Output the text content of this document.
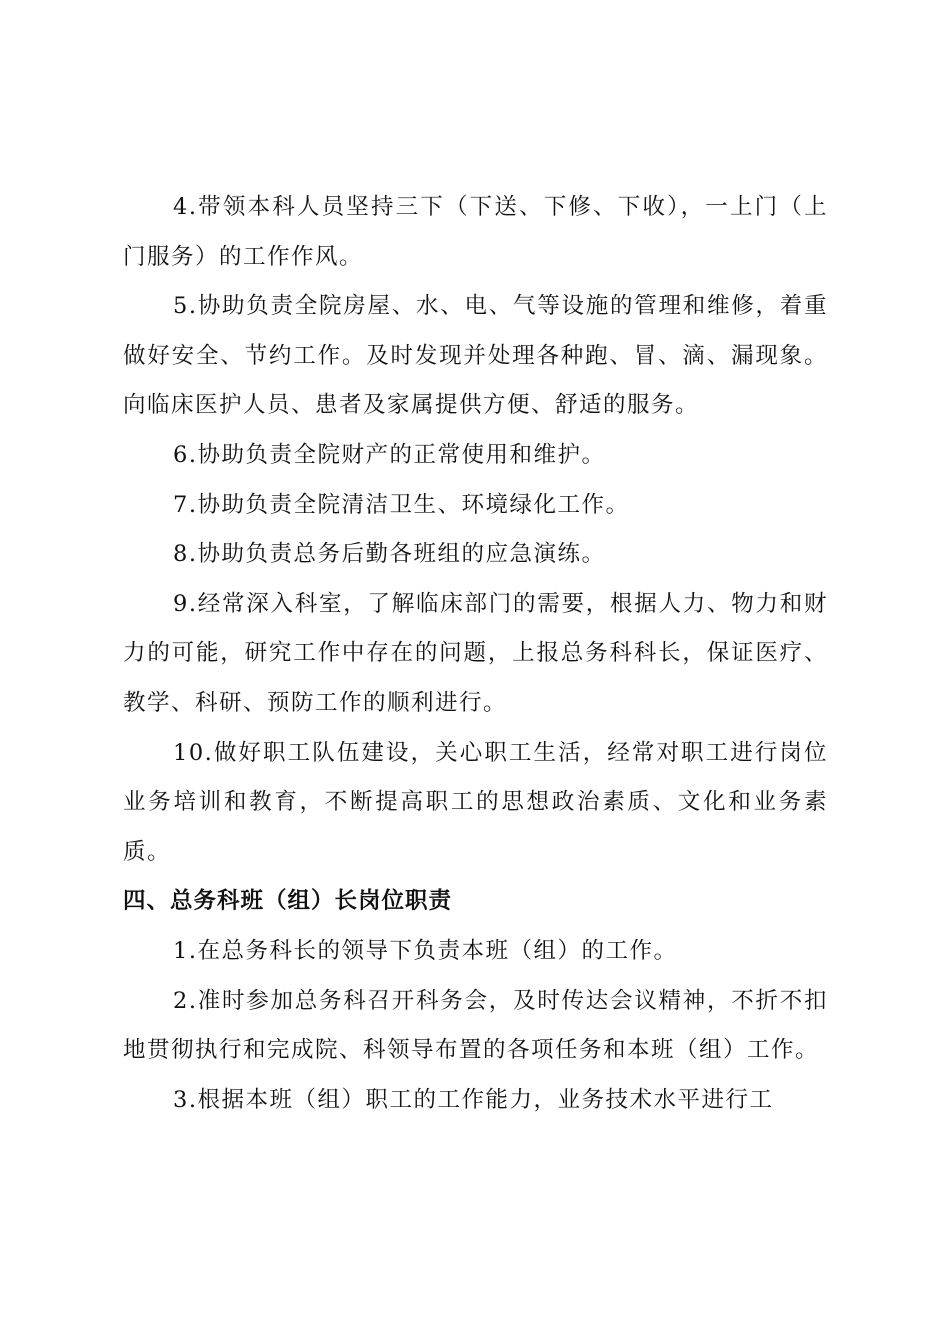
4.带领本科人员坚持三下（下送、下修、下收），一上门（上门服务）的工作作风。

5.协助负责全院房屋、水、电、气等设施的管理和维修，着重做好安全、节约工作。及时发现并处理各种跑、冒、滴、漏现象。向临床医护人员、患者及家属提供方便、舒适的服务。

6.协助负责全院财产的正常使用和维护。

7.协助负责全院清洁卫生、环境绿化工作。

8.协助负责总务后勤各班组的应急演练。

9.经常深入科室，了解临床部门的需要，根据人力、物力和财力的可能，研究工作中存在的问题，上报总务科科长，保证医疗、教学、科研、预防工作的顺利进行。

10.做好职工队伍建设，关心职工生活，经常对职工进行岗位业务培训和教育，不断提高职工的思想政治素质、文化和业务素质。

四、总务科班（组）长岗位职责

1.在总务科长的领导下负责本班（组）的工作。

2.准时参加总务科召开科务会，及时传达会议精神，不折不扣地贯彻执行和完成院、科领导布置的各项任务和本班（组）工作。

3.根据本班（组）职工的工作能力，业务技术水平进行工
